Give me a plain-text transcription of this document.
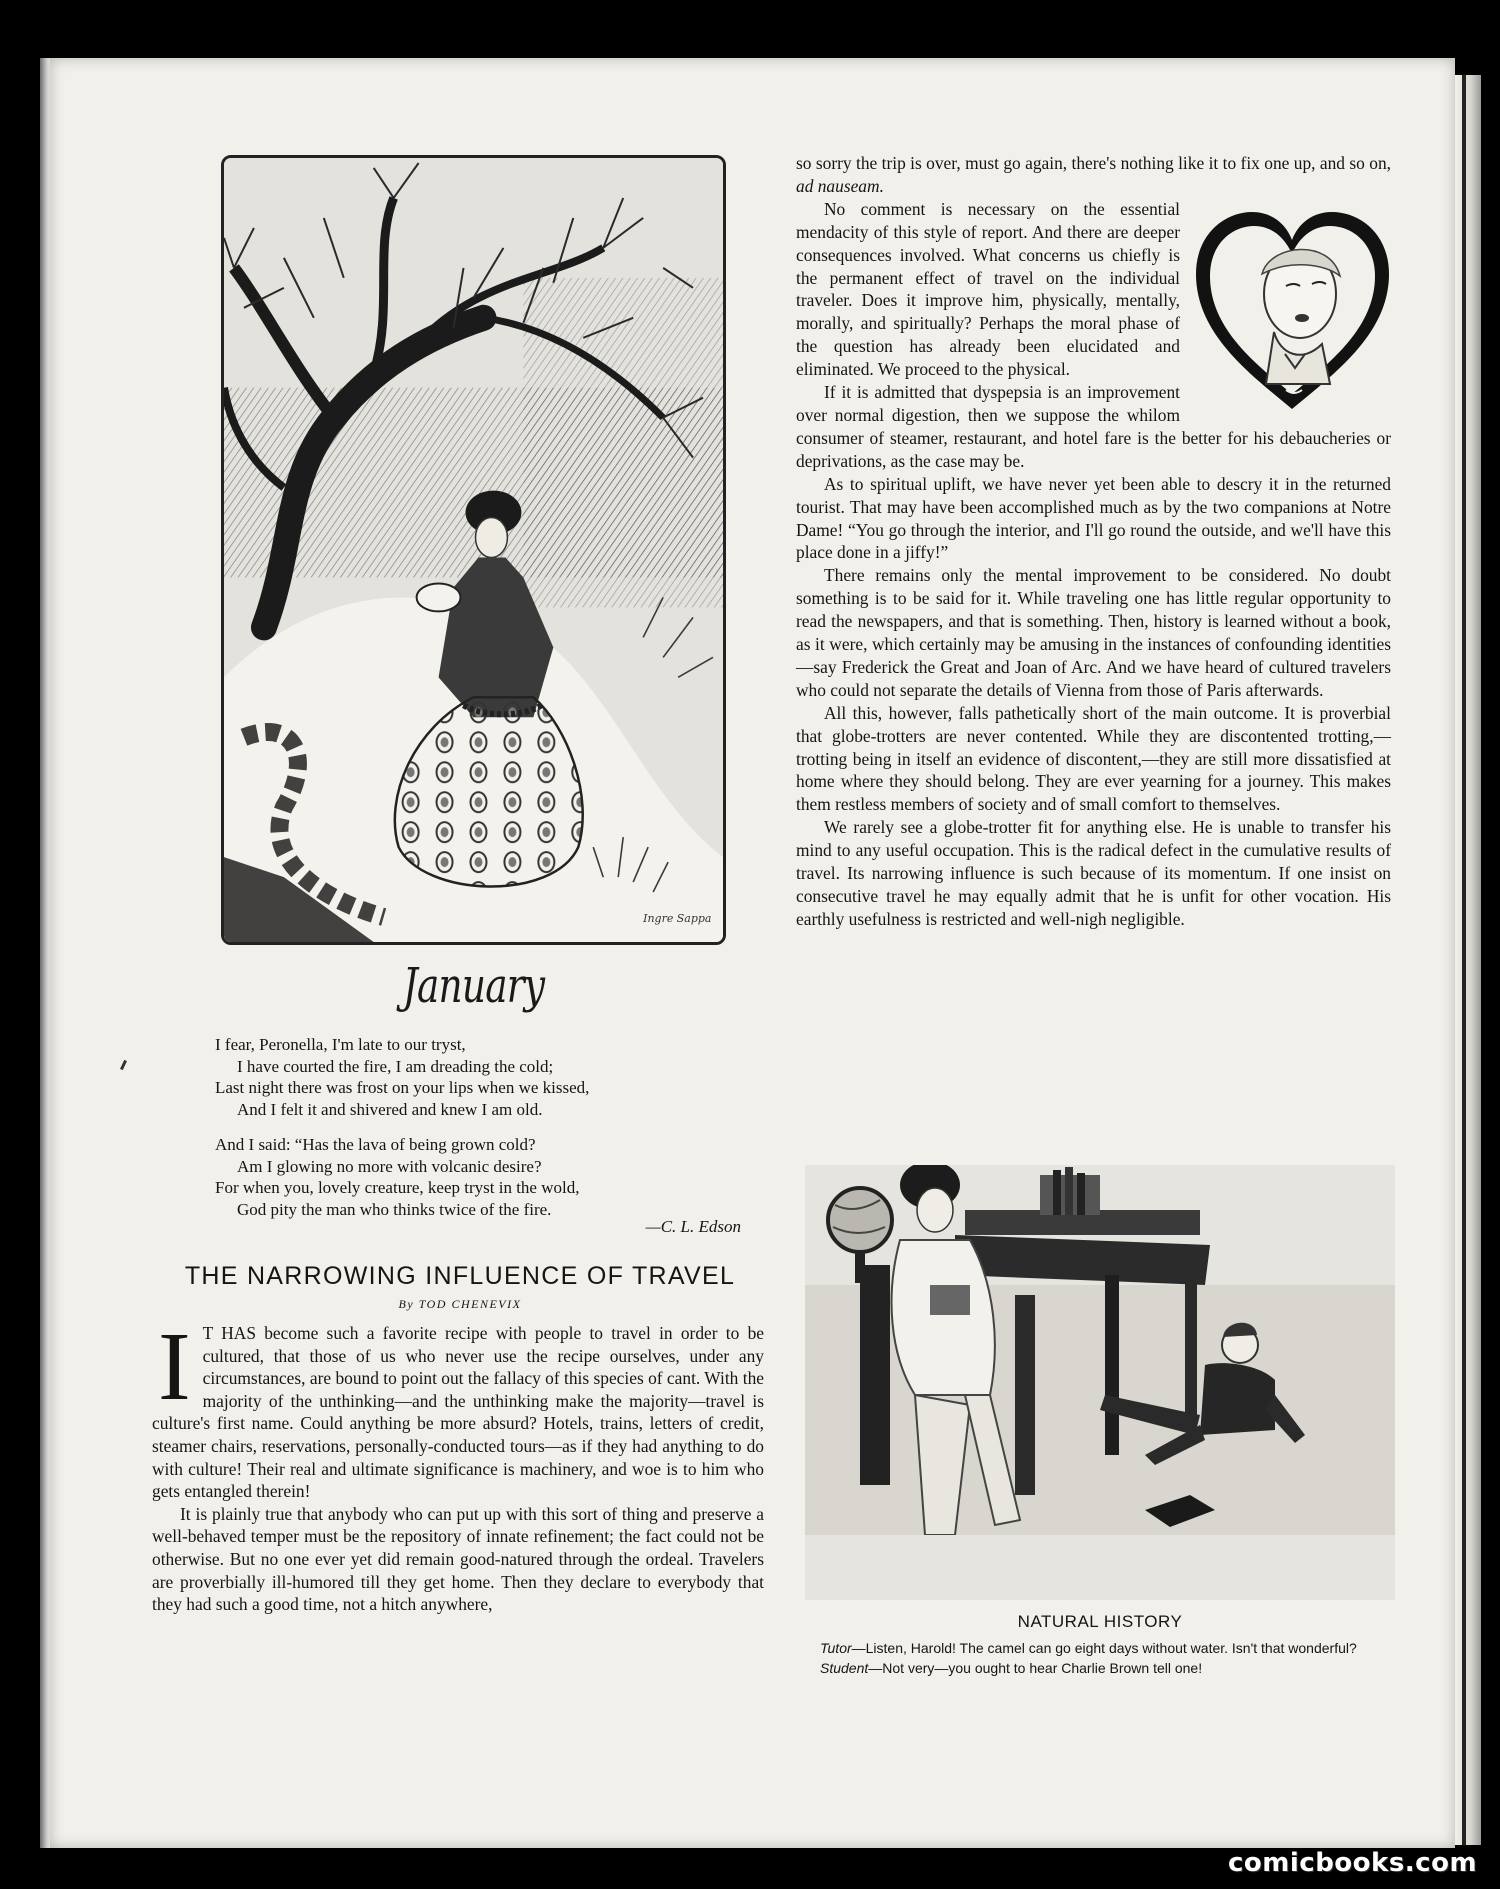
Ingre Sappa
January
I fear, Peronella, I'm late to our tryst,
I have courted the fire, I am dreading the cold;
Last night there was frost on your lips when we kissed,
And I felt it and shivered and knew I am old.
And I said: “Has the lava of being grown cold?
Am I glowing no more with volcanic desire?
For when you, lovely creature, keep tryst in the wold,
God pity the man who thinks twice of the fire.
—C. L. Edson
THE NARROWING INFLUENCE OF TRAVEL
By TOD CHENEVIX
I T HAS become such a favorite recipe with people to travel in order to be cultured, that those of us who never use the recipe ourselves, under any circumstances, are bound to point out the fallacy of this species of cant. With the majority of the unthinking—and the unthinking make the majority—travel is culture's first name. Could anything be more absurd? Hotels, trains, letters of credit, steamer chairs, reservations, personally-conducted tours—as if they had anything to do with culture! Their real and ultimate significance is machinery, and woe is to him who gets entangled therein!

It is plainly true that anybody who can put up with this sort of thing and preserve a well-behaved temper must be the repository of innate refinement; the fact could not be otherwise. But no one ever yet did remain good-natured through the ordeal. Travelers are proverbially ill-humored till they get home. Then they declare to everybody that they had such a good time, not a hitch anywhere,

so sorry the trip is over, must go again, there's nothing like it to fix one up, and so on, ad nauseam.

No comment is necessary on the essential mendacity of this style of report. And there are deeper consequences involved. What concerns us chiefly is the permanent effect of travel on the individual traveler. Does it improve him, physically, mentally, morally, and spiritually? Perhaps the moral phase of the question has already been elucidated and eliminated. We proceed to the physical.

If it is admitted that dyspepsia is an improvement over normal digestion, then we suppose the whilom consumer of steamer, restaurant, and hotel fare is the better for his debaucheries or deprivations, as the case may be.

As to spiritual uplift, we have never yet been able to descry it in the returned tourist. That may have been accomplished much as by the two companions at Notre Dame! “You go through the interior, and I'll go round the outside, and we'll have this place done in a jiffy!”

There remains only the mental improvement to be considered. No doubt something is to be said for it. While traveling one has little regular opportunity to read the newspapers, and that is something. Then, history is learned without a book, as it were, which certainly may be amusing in the instances of confounding identities—say Frederick the Great and Joan of Arc. And we have heard of cultured travelers who could not separate the details of Vienna from those of Paris afterwards.

All this, however, falls pathetically short of the main outcome. It is proverbial that globe-trotters are never contented. While they are discontented trotting,—trotting being in itself an evidence of discontent,—they are still more dissatisfied at home where they should belong. They are ever yearning for a journey. This makes them restless members of society and of small comfort to themselves.

We rarely see a globe-trotter fit for anything else. He is unable to transfer his mind to any useful occupation. This is the radical defect in the cumulative results of travel. Its narrowing influence is such because of its momentum. If one insist on consecutive travel he may equally admit that he is unfit for other vocation. His earthly usefulness is restricted and well-nigh negligible.

NATURAL HISTORY
Tutor—Listen, Harold! The camel can go eight days without water. Isn't that wonderful?
Student—Not very—you ought to hear Charlie Brown tell one!
comicbooks.com
